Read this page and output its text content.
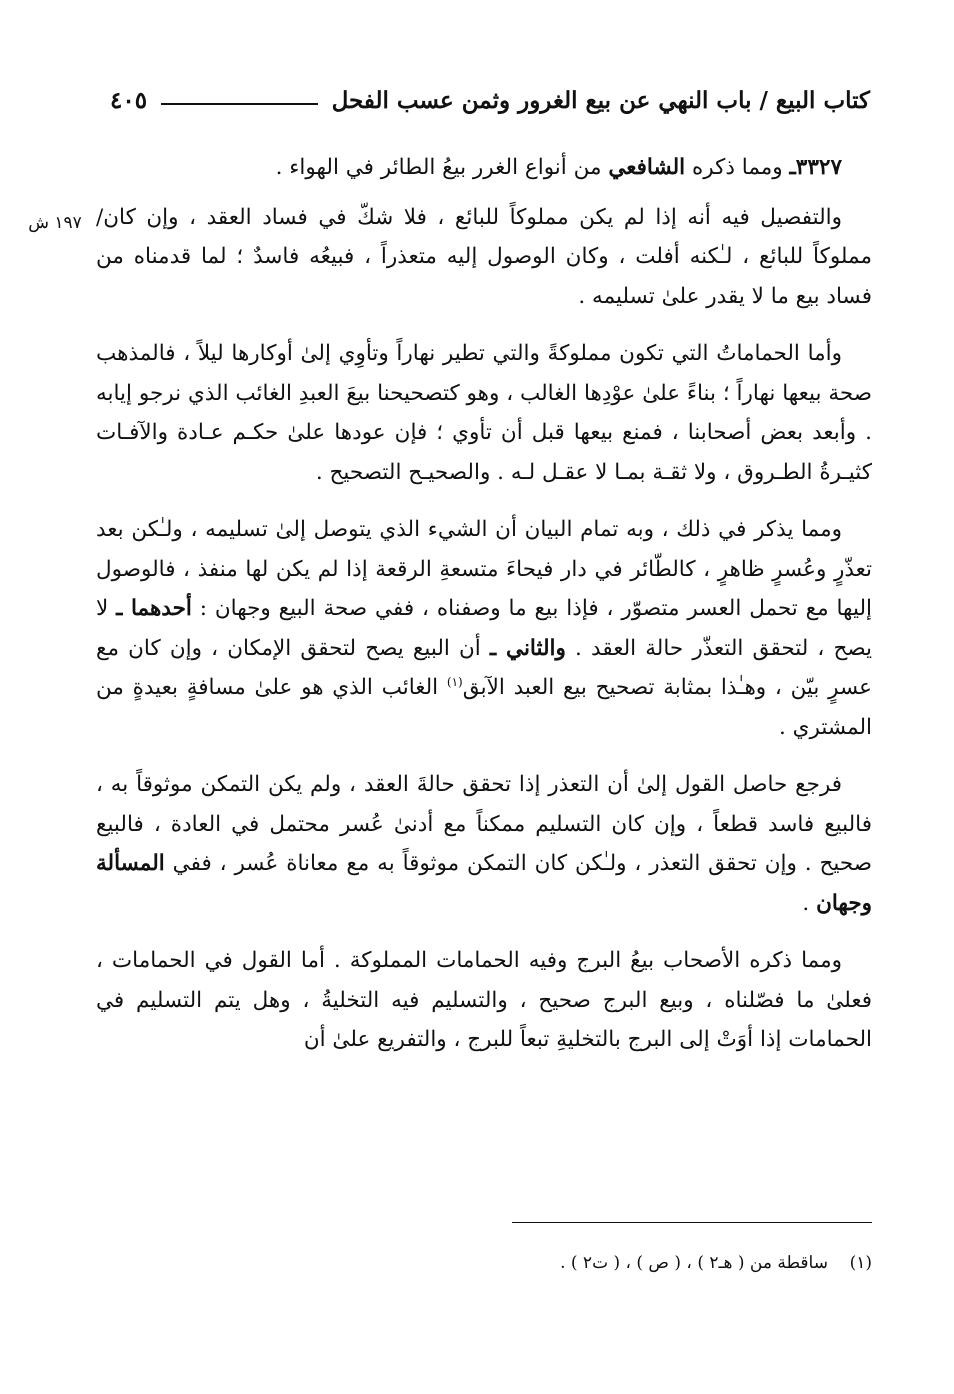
كتاب البيع / باب النهي عن بيع الغرور وثمن عسب الفحل
٤٠٥
١٩٧ ش

٣٣٢٧ـ ومما ذكره الشافعي من أنواع الغرر بيعُ الطائر في الهواء .

والتفصيل فيه أنه إذا لم يكن مملوكاً للبائع ، فلا شكّ في فساد العقد ، وإن كان/ مملوكاً للبائع ، لـٰكنه أفلت ، وكان الوصول إليه متعذراً ، فبيعُه فاسدٌ ؛ لما قدمناه من فساد بيع ما لا يقدر علىٰ تسليمه .

وأما الحماماتُ التي تكون مملوكةً والتي تطير نهاراً وتأوِي إلىٰ أوكارها ليلاً ، فالمذهب صحة بيعها نهاراً ؛ بناءً علىٰ عوْدِها الغالب ، وهو كتصحيحنا بيعَ العبدِ الغائب الذي نرجو إيابه . وأبعد بعض أصحابنا ، فمنع بيعها قبل أن تأوي ؛ فإن عودها علىٰ حكـم عـادة والآفـات كثيـرةُ الطـروق ، ولا ثقـة بمـا لا عقـل لـه . والصحيـح التصحيح .

ومما يذكر في ذلك ، وبه تمام البيان أن الشيء الذي يتوصل إلىٰ تسليمه ، ولـٰكن بعد تعذّرٍ وعُسرٍ ظاهرٍ ، كالطّائر في دار فيحاءَ متسعةِ الرقعة إذا لم يكن لها منفذ ، فالوصول إليها مع تحمل العسر متصوّر ، فإذا بيع ما وصفناه ، ففي صحة البيع وجهان : أحدهما ـ لا يصح ، لتحقق التعذّر حالة العقد . والثاني ـ أن البيع يصح لتحقق الإمكان ، وإن كان مع عسرٍ بيّن ، وهـٰذا بمثابة تصحيح بيع العبد الآبق$^{(١)}$ الغائب الذي هو علىٰ مسافةٍ بعيدةٍ من المشتري .

فرجع حاصل القول إلىٰ أن التعذر إذا تحقق حالةَ العقد ، ولم يكن التمكن موثوقاً به ، فالبيع فاسد قطعاً ، وإن كان التسليم ممكناً مع أدنىٰ عُسر محتمل في العادة ، فالبيع صحيح . وإن تحقق التعذر ، ولـٰكن كان التمكن موثوقاً به مع معاناة عُسر ، ففي المسألة وجهان .

ومما ذكره الأصحاب بيعُ البرج وفيه الحمامات المملوكة . أما القول في الحمامات ، فعلىٰ ما فصّلناه ، وبيع البرج صحيح ، والتسليم فيه التخليةُ ، وهل يتم التسليم في الحمامات إذا أوَتْ إلى البرج بالتخليةِ تبعاً للبرج ، والتفريع علىٰ أن

(١)    ساقطة من ( هـ٢ ) ، ( ص ) ، ( ت٢ ) .
